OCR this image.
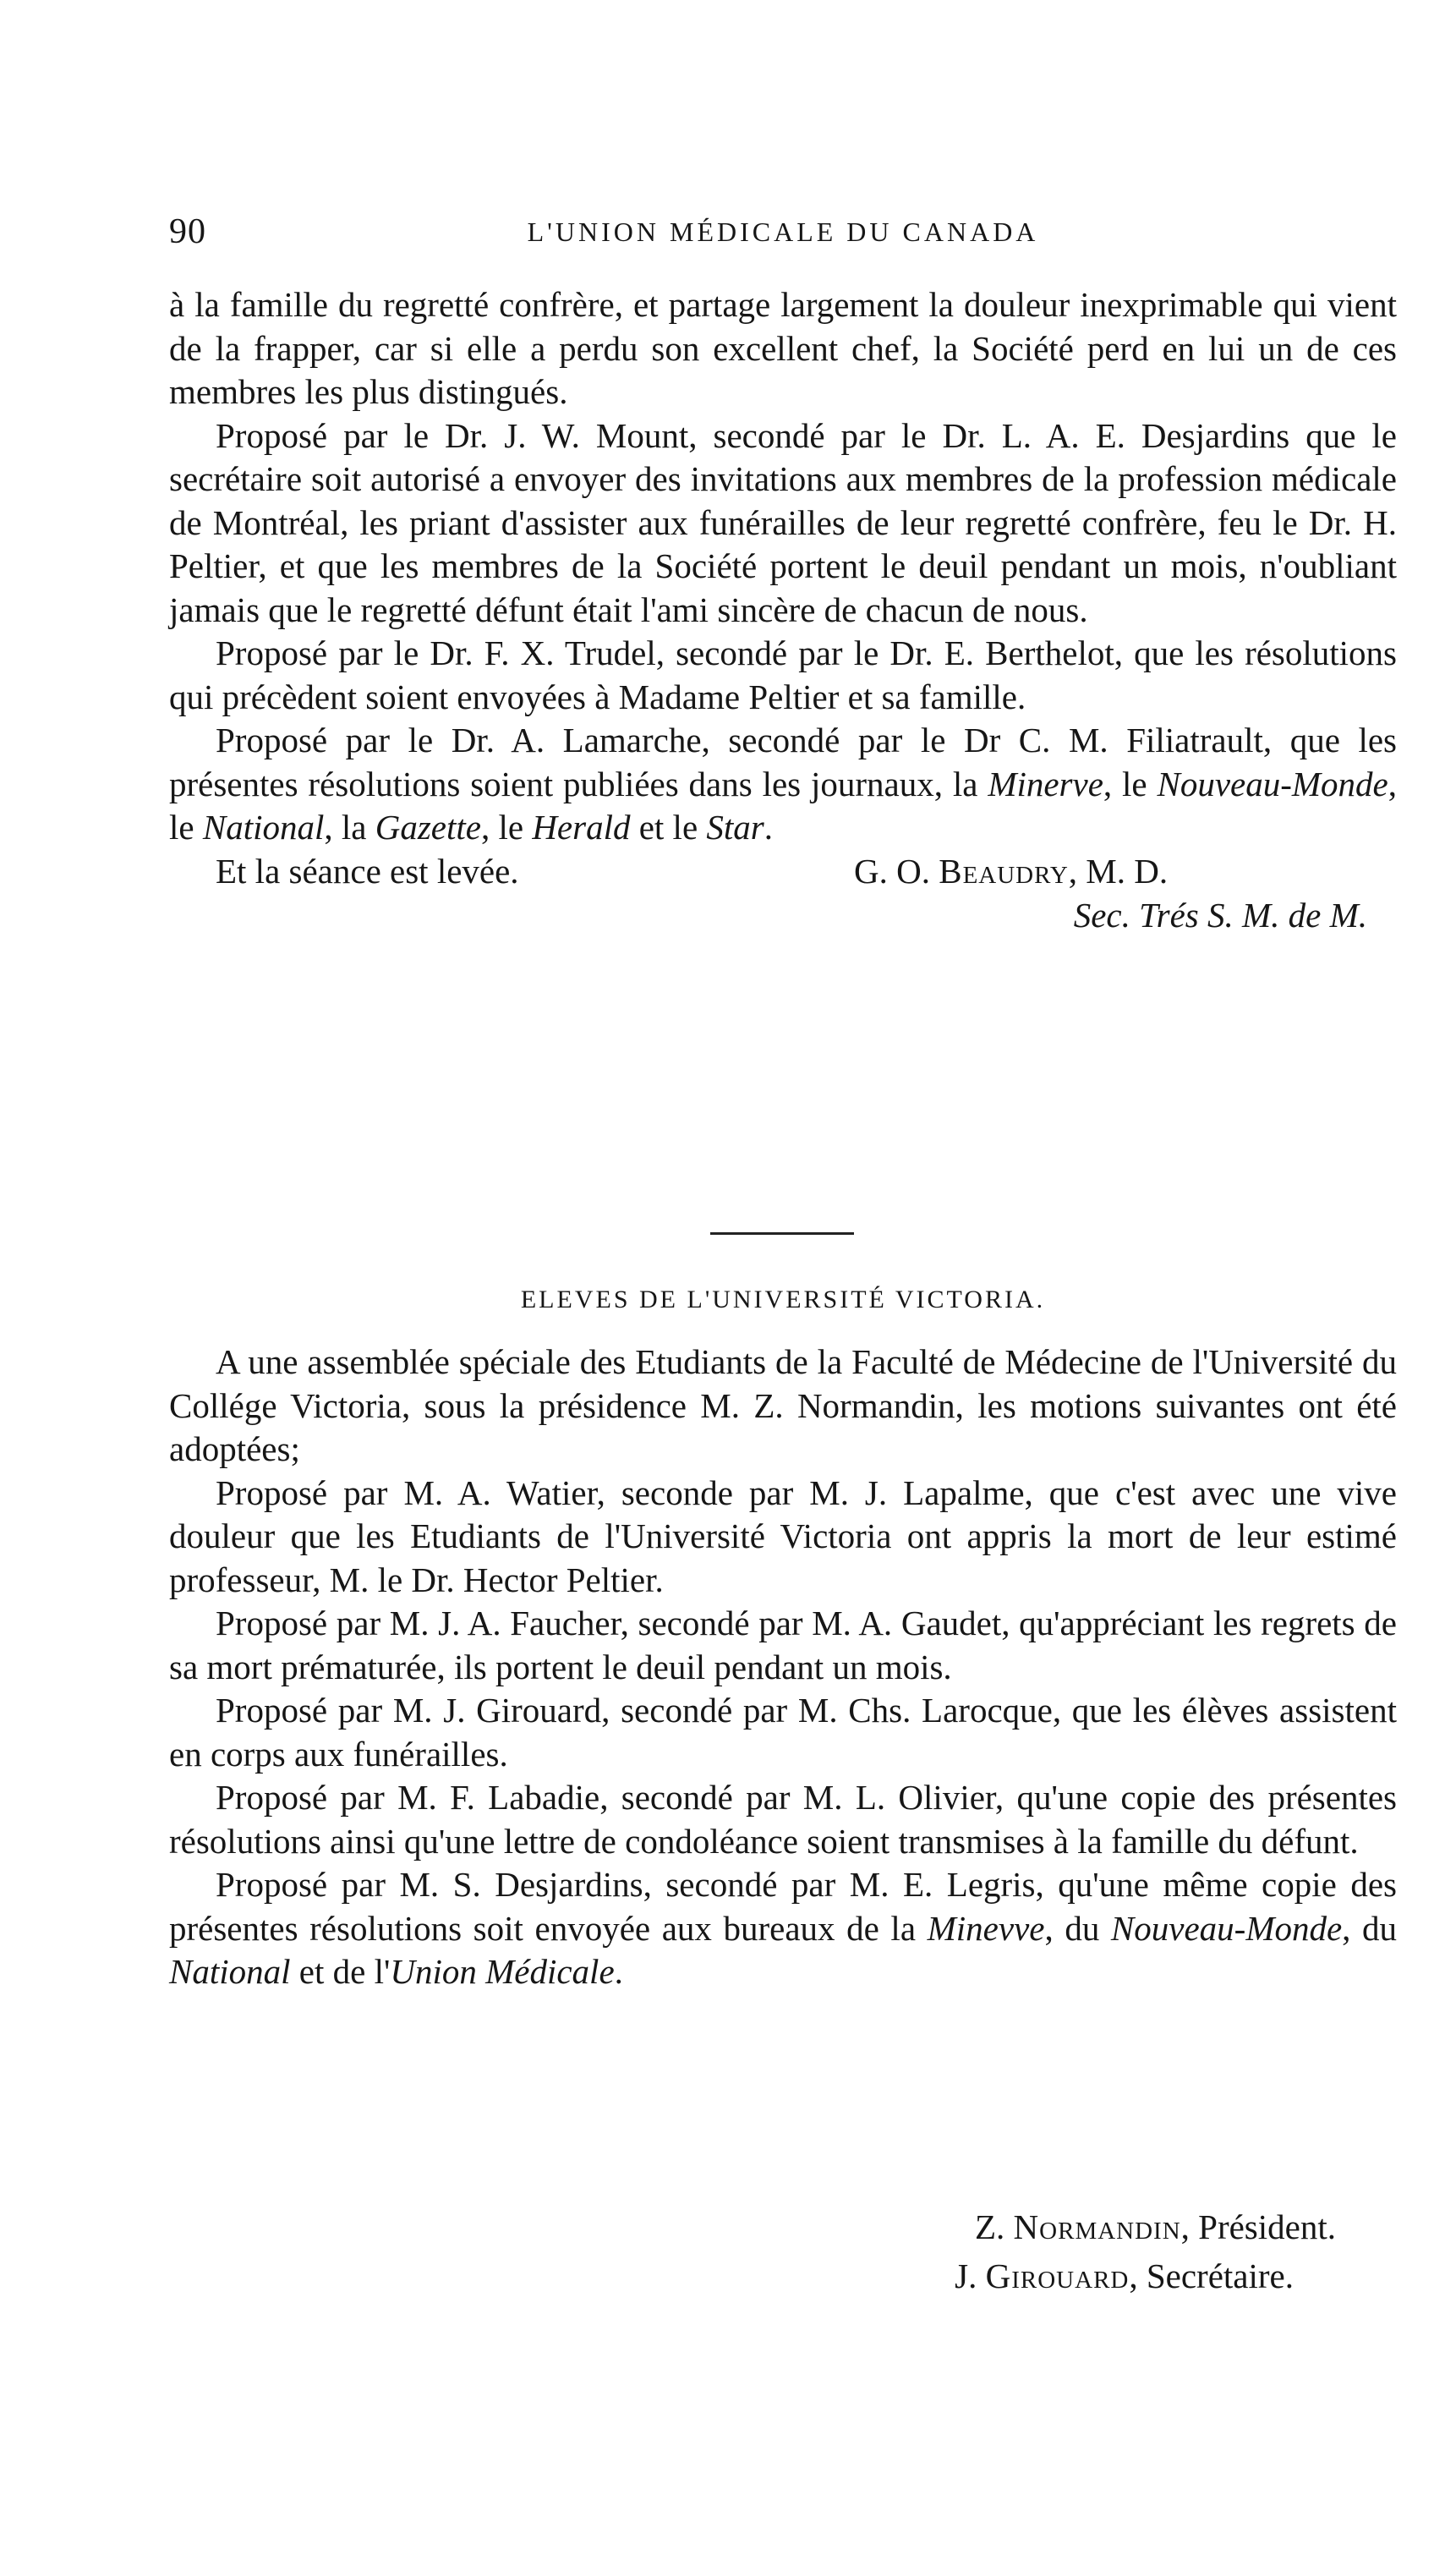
90	L'UNION MÉDICALE DU CANADA

à la famille du regretté confrère, et partage largement la douleur inexprimable qui vient de la frapper, car si elle a perdu son excellent chef, la Société perd en lui un de ces membres les plus distingués.

Proposé par le Dr. J. W. Mount, secondé par le Dr. L. A. E. Desjardins que le secrétaire soit autorisé a envoyer des invitations aux membres de la profession médicale de Montréal, les priant d'assister aux funérailles de leur regretté confrère, feu le Dr. H. Peltier, et que les membres de la Société portent le deuil pendant un mois, n'oubliant jamais que le regretté défunt était l'ami sincère de chacun de nous.

Proposé par le Dr. F. X. Trudel, secondé par le Dr. E. Berthelot, que les résolutions qui précèdent soient envoyées à Madame Peltier et sa famille.

Proposé par le Dr. A. Lamarche, secondé par le Dr C. M. Filiatrault, que les présentes résolutions soient publiées dans les journaux, la Minerve, le Nouveau-Monde, le National, la Gazette, le Herald et le Star.

Et la séance est levée.	G. O. Beaudry, M. D.
Sec. Trés S. M. de M.
ELEVES DE L'UNIVERSITÉ VICTORIA.

A une assemblée spéciale des Etudiants de la Faculté de Médecine de l'Université du Collége Victoria, sous la présidence M. Z. Normandin, les motions suivantes ont été adoptées;

Proposé par M. A. Watier, seconde par M. J. Lapalme, que c'est avec une vive douleur que les Etudiants de l'Université Victoria ont appris la mort de leur estimé professeur, M. le Dr. Hector Peltier.

Proposé par M. J. A. Faucher, secondé par M. A. Gaudet, qu'appréciant les regrets de sa mort prématurée, ils portent le deuil pendant un mois.

Proposé par M. J. Girouard, secondé par M. Chs. Larocque, que les élèves assistent en corps aux funérailles.

Proposé par M. F. Labadie, secondé par M. L. Olivier, qu'une copie des présentes résolutions ainsi qu'une lettre de condoléance soient transmises à la famille du défunt.

Proposé par M. S. Desjardins, secondé par M. E. Legris, qu'une même copie des présentes résolutions soit envoyée aux bureaux de la Minevve, du Nouveau-Monde, du National et de l'Union Médicale.

Z. Normandin, Président.
J. Girouard, Secrétaire.
